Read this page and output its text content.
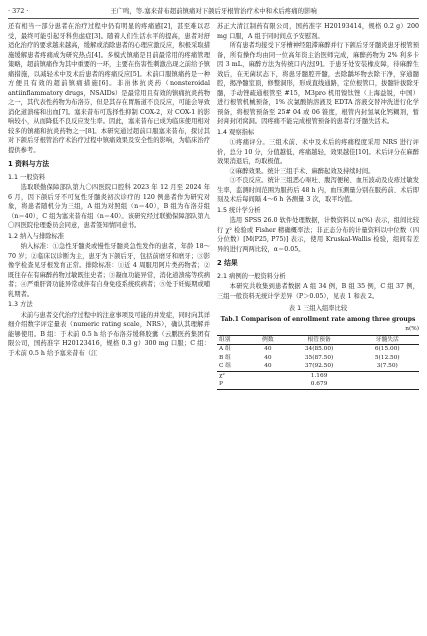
· 372 ·	王广鸣，等.塞来昔布超前镇痛对下颌后牙根管治疗术中和术后疼痛的影响

还有相当一部分患者在治疗过程中仍有明显的疼痛感[2]，甚至难以忍受，最终可能引起牙科焦虑症[3]。随着人们生活水平的提高，患者对舒适化治疗的要求越来越高，缓解或消除患者的心理应激反应，积极采取措施缓解患者疼痛成为研究热点[4]。多模式镇痛是目前最常用的疼痛管理策略，超前镇痛作为其中重要的一环，主要在伤害性刺激出现之前给予镇痛措施，以减轻术中及术后患者的疼痛反应[5]。术前口服镇痛药是一种方便且有效的超前镇痛措施[6]。非甾体抗炎药（nonsteroidal antiinflammatory drugs，NSAIDs）是最常用且有效的镇痛抗炎药物之一，其代表性药物为布洛芬，但是其存在胃肠道不良反应，可能会导致消化道溃疡和出血[7]。塞来昔布可选择性抑制 COX-2，对 COX-1 的影响较小，从而降低不良反应发生率。因此，塞来昔布已成为临床使用相对较多的镇痛和抗炎药物之一[8]。本研究通过超前口服塞来昔布，探讨其对下颌后牙根管治疗术治疗过程中镇痛效果及安全性的影响，为临床治疗提供参考。

1 资料与方法
1.1 一般资料

选取联勤保障部队第九〇四医院口腔科 2023 年 12 月至 2024 年 6 月，因下颌后牙不可复性牙髓炎初次诊疗的 120 例患者作为研究对象，将患者随机分为三组，A 组为对照组（n＝40），B 组为布洛芬组（n＝40），C 组为塞来昔布组（n＝40）。该研究经过联勤保障部队第九〇四医院伦理委员会同意，患者签知情同意书。

1.2 纳入与排除标准

纳入标准：①急性牙髓炎或慢性牙髓炎急性发作的患者，年龄 18～70 岁；②临床以诊断为主，患牙为下颌后牙，包括前磨牙和磨牙；③影像学检查见牙根发育正常。排除标准：①近 4 周服用阿片类药物者；②既往存在有麻醉药物过敏既往史者；③凝血功能异常，消化道溃疡等疾病者；④严重肝肾功能异常或伴有自身免疫系统疾病者；⑤处于妊娠期或哺乳期者。

1.3 方法

术前与患者交代治疗过程中的注意事项及可能的并发症，同时向其详细介绍数字评定量表（numeric rating scale，NRS），确认其理解并能够使用。B 组：于术前 0.5 h 给予布洛芬缓释胶囊（云鹏医药集团有限公司，国药准字 H20123416，规格 0.3 g）300 mg 口服；C 组：于术前 0.5 h 给予塞来昔布（江

苏正大清江制药有限公司，国药准字 H20193414，规格 0.2 g）200 mg 口服，A 组于同时间点予安慰剂。

所有患者均接受下牙槽神经阻滞麻醉并行下颌后牙牙髓炎患牙根管预备，所有操作均由同一位高年资主治医师完成，麻醉药物为 2% 利多卡因 3 mL，麻醉方法为传统口内法[9]。于患牙处安装橡皮障，待麻醉生效后，在无菌状态下，将患牙髓腔开髓，去除龋坏物去除干净，穿通髓腔，揭净髓室顶，修整洞形，形成直线通路，定位根管口，拔髓针拔除牙髓，手动锉疏通根管至 #15，M3pro 机用镍钛锉（上海益锐，中国）进行根管机械预备，1% 次氯酸钠溶液及 EDTA 溶液交替冲洗进行化学预备，将根管预备至 25# 04 或 06 锥度，根管内封氢氧化钙糊剂，暂封膏封闭窝洞。因疼痛不能完成根管预备的患者行牙髓失活术。

1.4 观察指标

①疼痛评分。三组术前、术中及术后的疼痛程度采用 NRS 进行评价，总分 10 分，分值越低，疼痛越轻，效果越佳[10]。术后评分在麻醉效果消退后，均取极值。

②麻醉效果。统计三组手术、麻醉起效及持续时间。

③不良反应。统计三组恶心呕吐、腹泻便秘、血压波动及皮疹过敏发生率，监测时间范围为服药后 48 h 内，血压测量分别在服药前、术后即刻及术后每间隔 4～6 h 各测量 3 次，取平均值。

1.5 统计学分析

选用 SPSS 26.0 软件处理数据，计数资料以 n(%) 表示，组间比较行 χ² 检验或 Fisher 精确概率法；非正态分布的计量资料以中位数（四分位数）[M(P25, P75)] 表示，使用 Kruskal-Wallis 检验，组间有差异的进行两两比较，α＝0.05。

2 结果
2.1 病例的一般资料分析

本研究共收集到患者数据 A 组 34 例，B 组 35 例，C 组 37 例，三组一般资料无统计学差异（P＞0.05），见表 1 和表 2。

表 1 三组入组率比较
Tab.1 Comparison of enrollment rate among three groups
n(%)
组别	例数	根管预备	牙髓失活
A 组	40	34(85.00)	6(15.00)
B 组	40	35(87.50)	5(12.50)
C 组	40	37(92.50)	3(7.50)
χ²		1.169	
P		0.679	
